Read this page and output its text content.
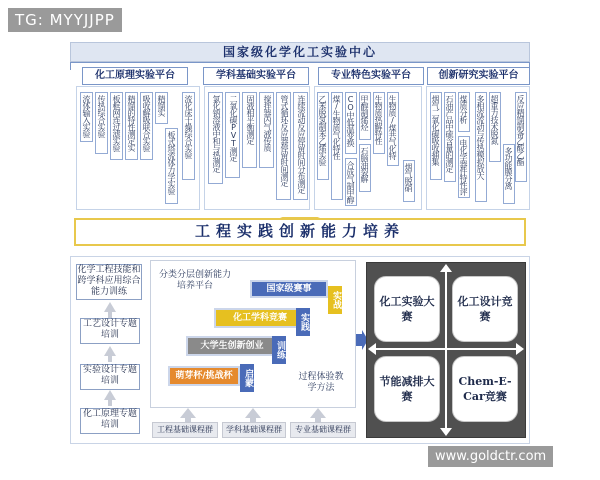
TG: MYYJJPP
国家级化学化工实验中心
化工原理实验平台	学科基础实验平台	专业特色实验平台	创新研究实验平台
流体输入实验 传热综合实验 板框网连过滤实验 精馏的特性测定实 吸收解吸联合实验 精馏实
板式塔流体力学实验
流化床干燥综合实验	氯化钠溶液中和与热测定	二氧化碳PVT测定	固液相平衡测定	搅拌器内气液传质	管式循环反应器停留时间测定	连续流动反应停留时间分布测定 乙苯脱氢制苯乙烯实验 煤/生物质气化特性 CO中低温变换
合成气制甲醇
甲醇制烯烃
石脑油裂解
生物质热解特性 生物质/煤共气化特
烟气脱硝
烟气二氧化碳吸收捕集 石油产品中硫含量的测定 煤质分析
电化学器件特性评
多相流流动与传热模拟放大 超重力技术脱氮
多功能膜分离
反应精馏制备乙酸乙酯
工程实践创新能力培养
化学工程技能和跨学科应用综合能力训练
工艺设计专题培训
实验设计专题培训
化工原理专题培训
分类分层创新能力培养平台	国家级赛事
化工学科竞赛
大学生创新创业
萌芽杯/挑战杯
实战
实践
训练
启蒙	过程体验教学方法
工程基础课程群	学科基础课程群	专业基础课程群
化工实验大赛
化工设计竞赛
节能减排大赛
Chem-E-Car竞赛
www.goldctr.com
